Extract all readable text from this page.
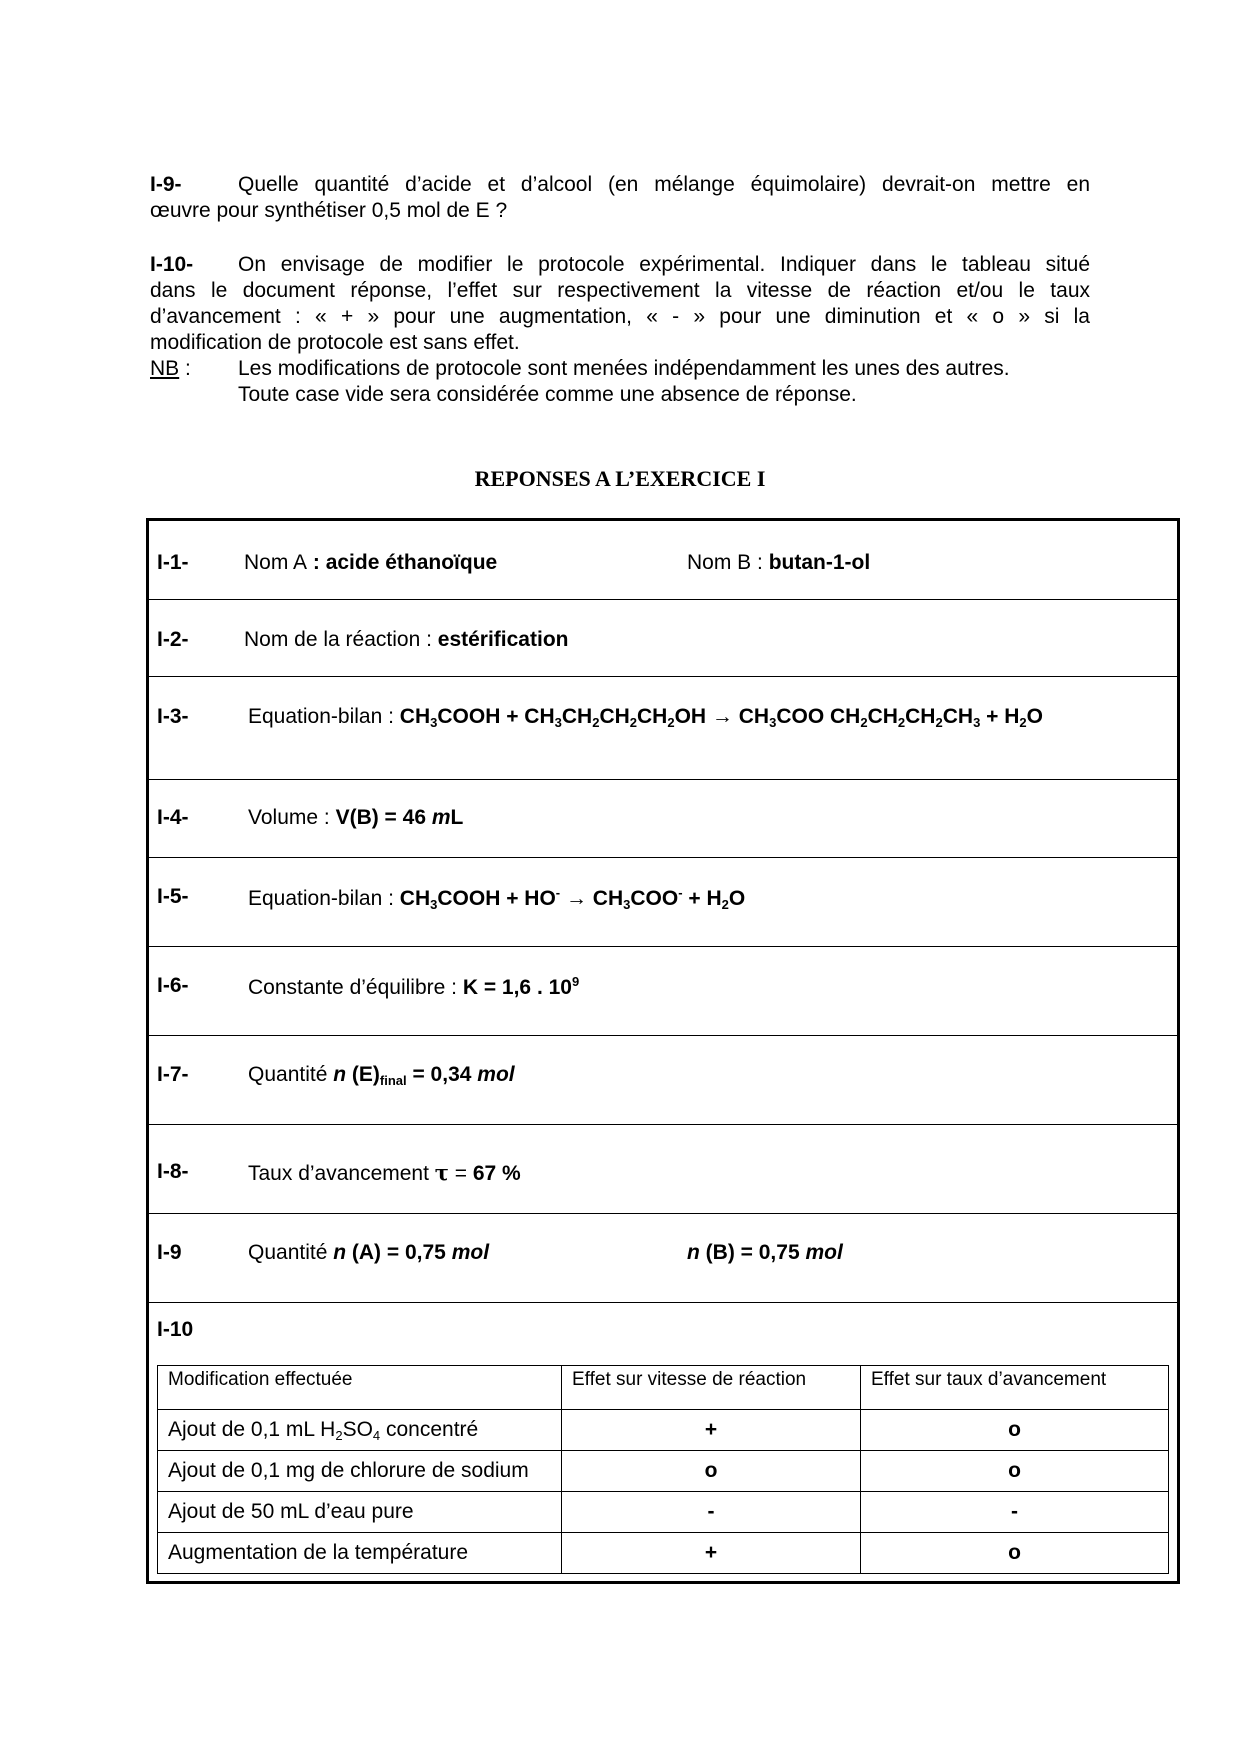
I-9-	Quelle quantité d’acide et d’alcool (en mélange équimolaire) devrait-on mettre en
œuvre pour synthétiser 0,5 mol de E ?
I-10- On envisage de modifier le protocole expérimental. Indiquer dans le tableau situé
dans le document réponse, l’effet sur respectivement la vitesse de réaction et/ou le taux
d’avancement : « + » pour une augmentation, « - » pour une diminution et « o » si la
modification de protocole est sans effet.
NB : Les modifications de protocole sont menées indépendamment les unes des autres.
Toute case vide sera considérée comme une absence de réponse.
REPONSES A L’EXERCICE I
I-1-	Nom A : acide éthanoïque	Nom B : butan-1-ol
I-2-	Nom de la réaction : estérification
I-3-	Equation-bilan : $CH_3COOH + CH_3CH_2CH_2CH_2OH \to CH_3COO$ $CH_2CH_2CH_2CH_3 + H_2O$
I-4-	Volume : V(B) = 46 mL
I-5-	Equation-bilan : $CH_3COOH + HO^- \to CH_3COO^- + H_2O$
I-6-	Constante d’équilibre : K = 1,6 . $10^9$
I-7-	Quantité n $(E)_{final} = 0,34$ mol
I-8-	Taux d’avancement τ = 67 %
I-9	Quantité n (A) = 0,75 mol	n (B) = 0,75 mol
I-10
Modification effectuée	Effet sur vitesse de réaction	Effet sur taux d’avancement
Ajout de 0,1 mL $H_2SO_4$ concentré	+	o
Ajout de 0,1 mg de chlorure de sodium	o	o
Ajout de 50 mL d’eau pure	-	-
Augmentation de la température	+	o
